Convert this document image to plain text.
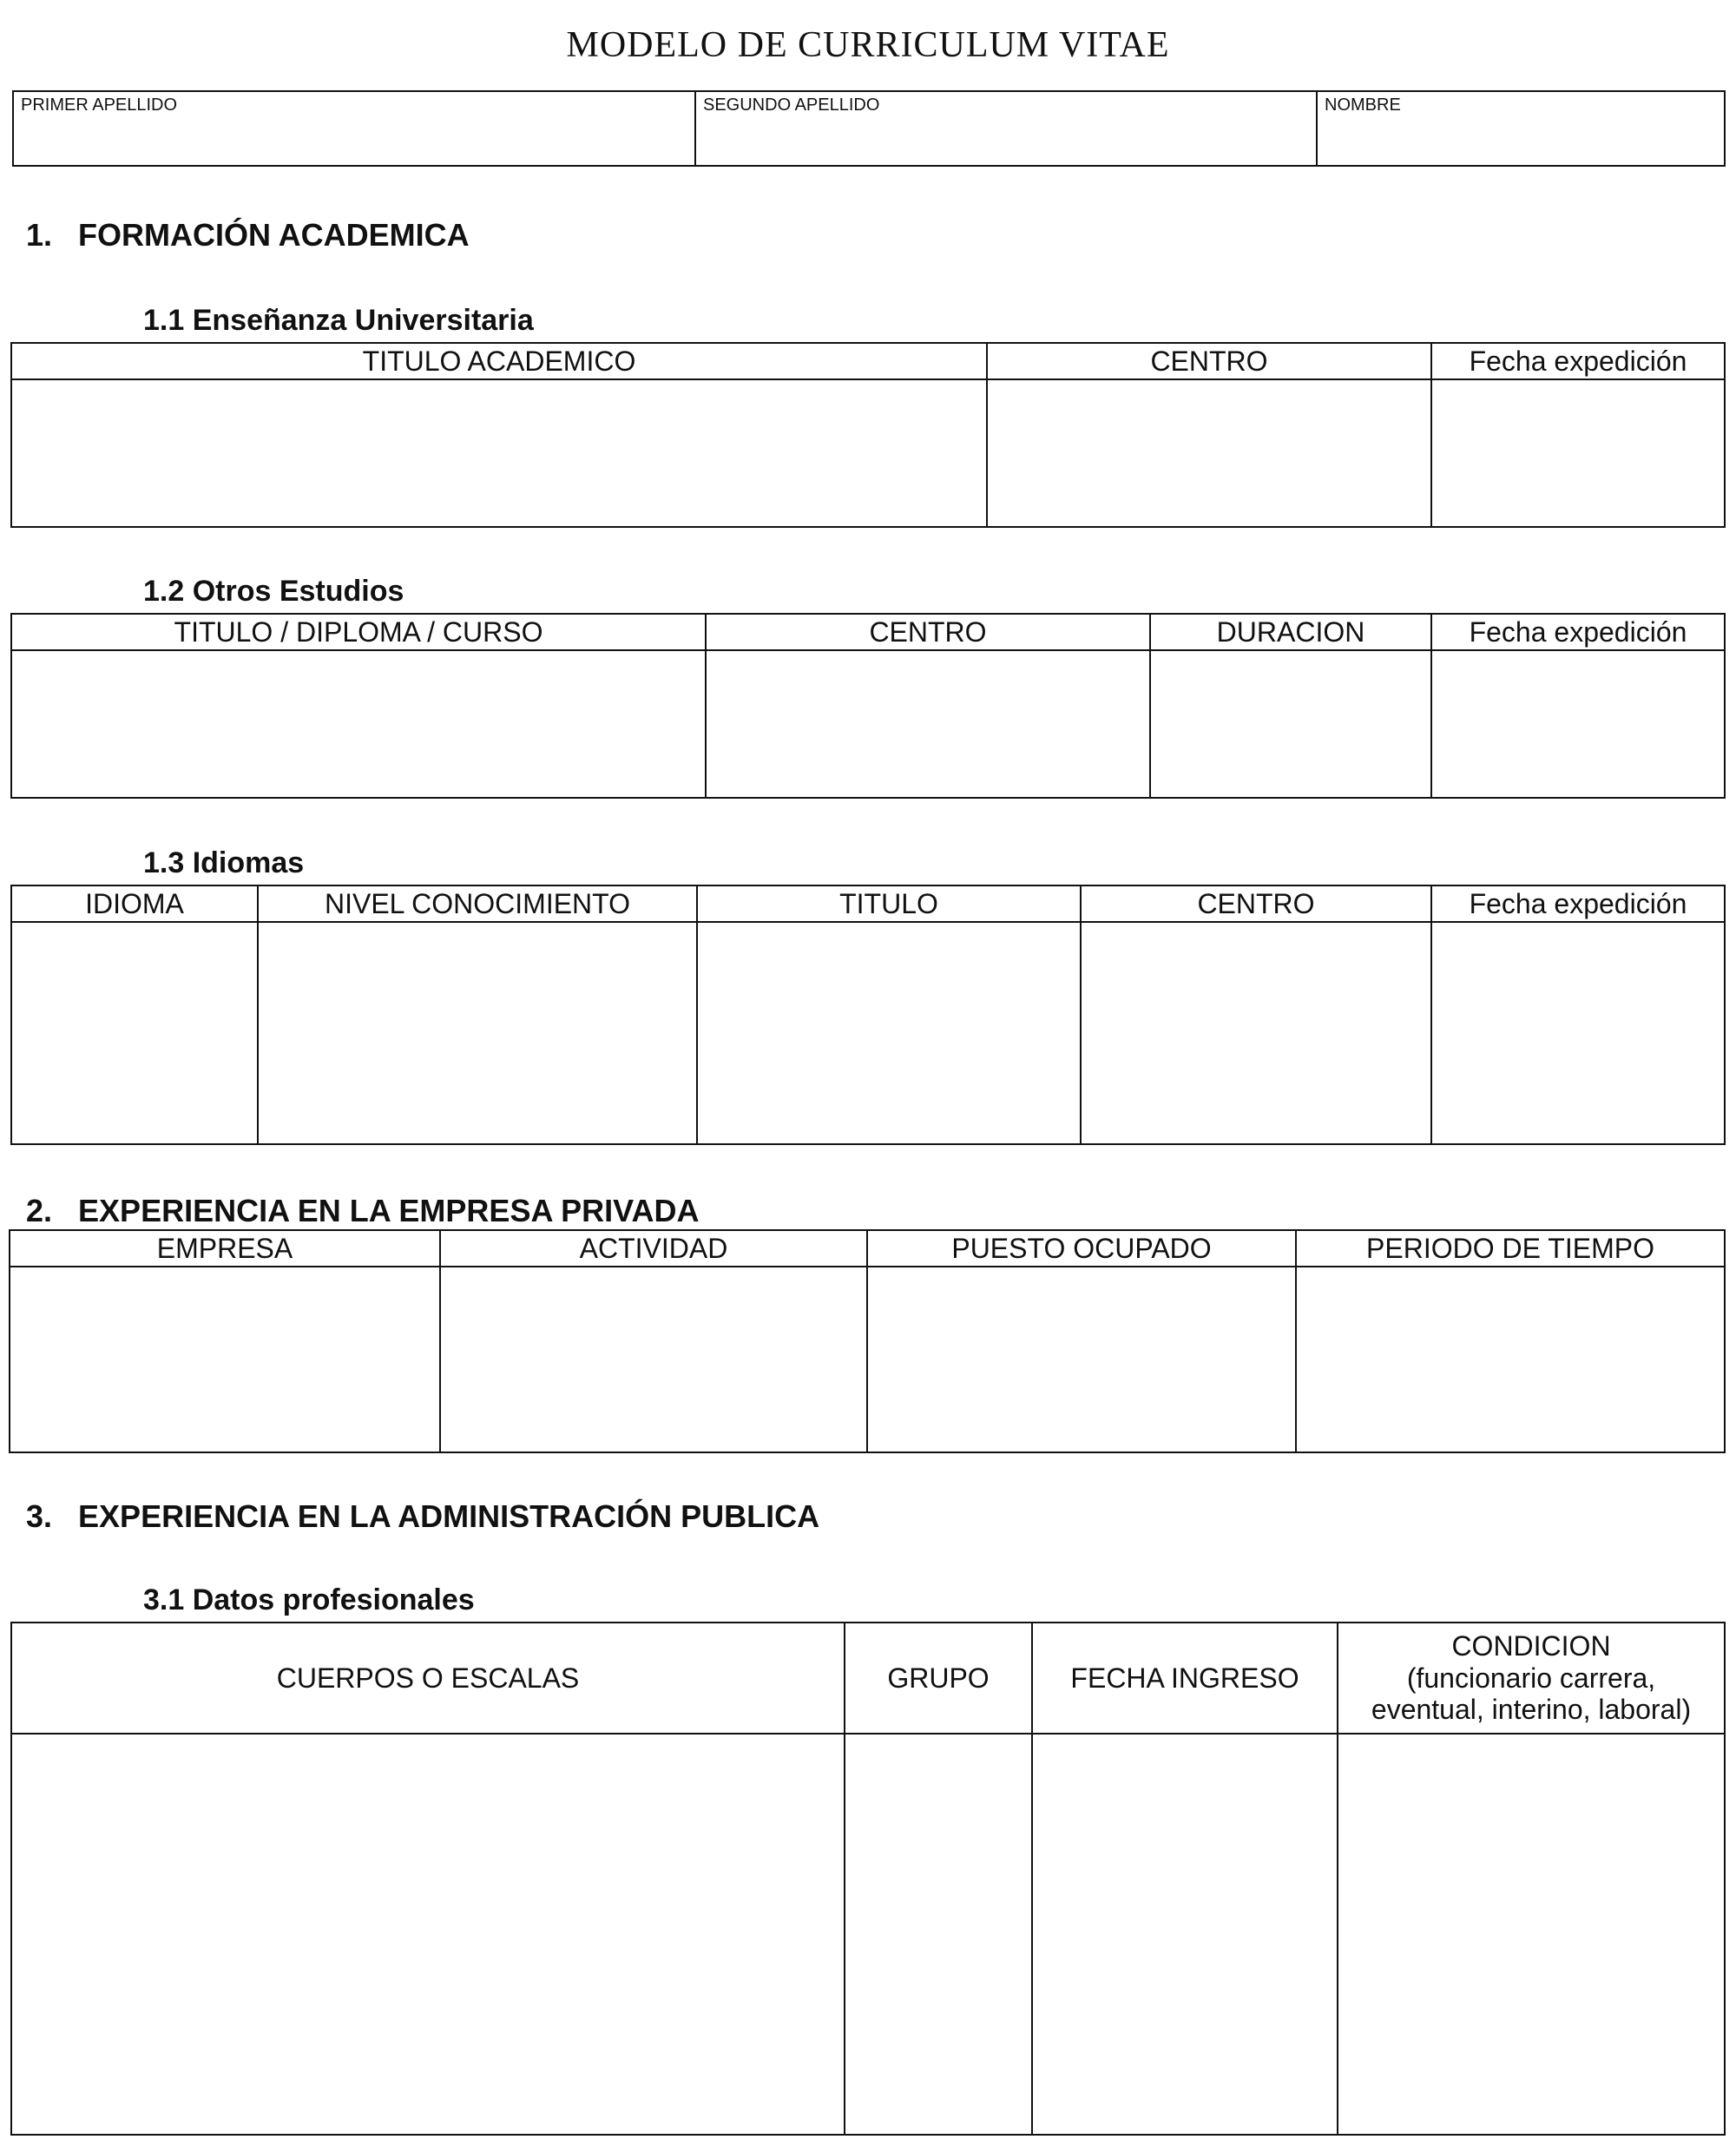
MODELO DE CURRICULUM VITAE
PRIMER APELLIDO	SEGUNDO APELLIDO	NOMBRE
1.   FORMACIÓN ACADEMICA
1.1 Enseñanza Universitaria
TITULO ACADEMICO	CENTRO	Fecha expedición

1.2 Otros Estudios
TITULO / DIPLOMA / CURSO	CENTRO	DURACION	Fecha expedición

1.3 Idiomas
IDIOMA	NIVEL CONOCIMIENTO	TITULO	CENTRO	Fecha expedición

2.   EXPERIENCIA EN LA EMPRESA PRIVADA
EMPRESA	ACTIVIDAD	PUESTO OCUPADO	PERIODO DE TIEMPO

3.   EXPERIENCIA EN LA ADMINISTRACIÓN PUBLICA
3.1 Datos profesionales
CUERPOS O ESCALAS	GRUPO	FECHA INGRESO	CONDICION
(funcionario carrera,
eventual, interino, laboral)
